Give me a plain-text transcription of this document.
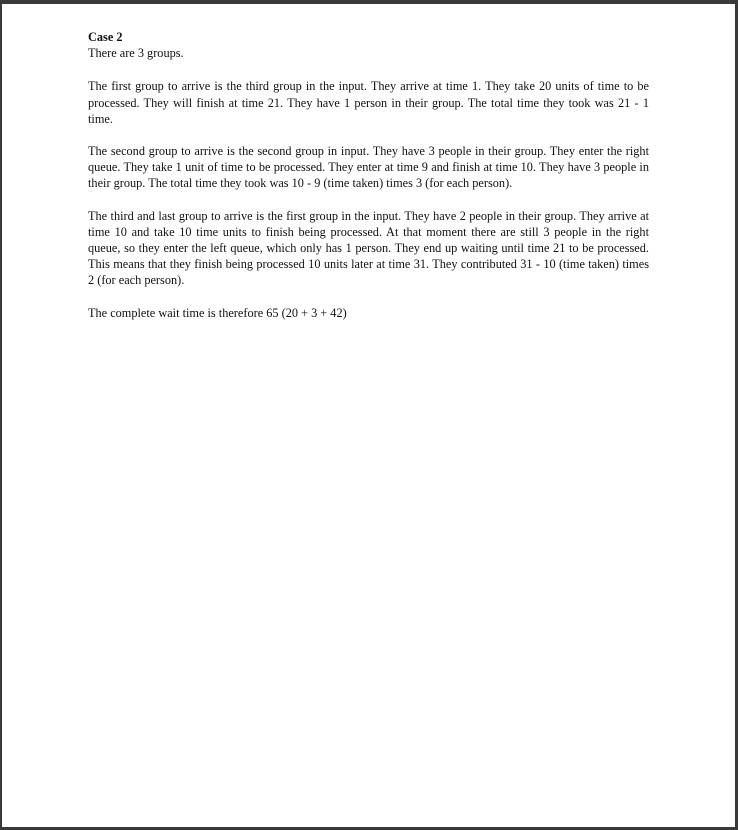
Case 2

There are 3 groups.

The first group to arrive is the third group in the input. They arrive at time 1. They take 20 units of time to be processed. They will finish at time 21. They have 1 person in their group. The total time they took was 21 - 1 time.

The second group to arrive is the second group in input. They have 3 people in their group. They enter the right queue. They take 1 unit of time to be processed. They enter at time 9 and finish at time 10. They have 3 people in their group. The total time they took was 10 - 9 (time taken) times 3 (for each person).

The third and last group to arrive is the first group in the input. They have 2 people in their group. They arrive at time 10 and take 10 time units to finish being processed. At that moment there are still 3 people in the right queue, so they enter the left queue, which only has 1 person. They end up waiting until time 21 to be processed. This means that they finish being processed 10 units later at time 31. They contributed 31 - 10 (time taken) times 2 (for each person).

The complete wait time is therefore 65 (20 + 3 + 42)
